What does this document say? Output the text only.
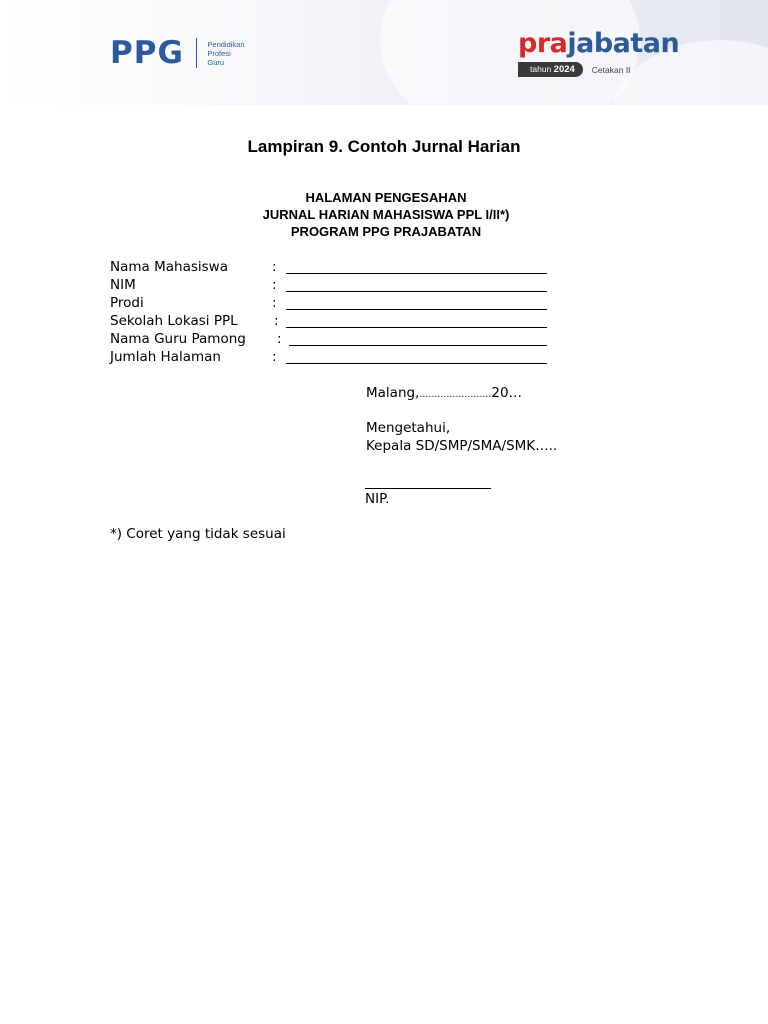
PPG	Pendidikan
Profesi
Guru
prajabatan
tahun 2024	Cetakan II
Lampiran 9. Contoh Jurnal Harian
HALAMAN PENGESAHAN
JURNAL HARIAN MAHASISWA PPL I/II*)
PROGRAM PPG PRAJABATAN
Nama Mahasiswa	:
NIM	:
Prodi	:
Sekolah Lokasi PPL	:
Nama Guru Pamong :
Jumlah Halaman	:
Malang,……………………20…
Mengetahui,
Kepala SD/SMP/SMA/SMK…..
NIP.
*) Coret yang tidak sesuai
